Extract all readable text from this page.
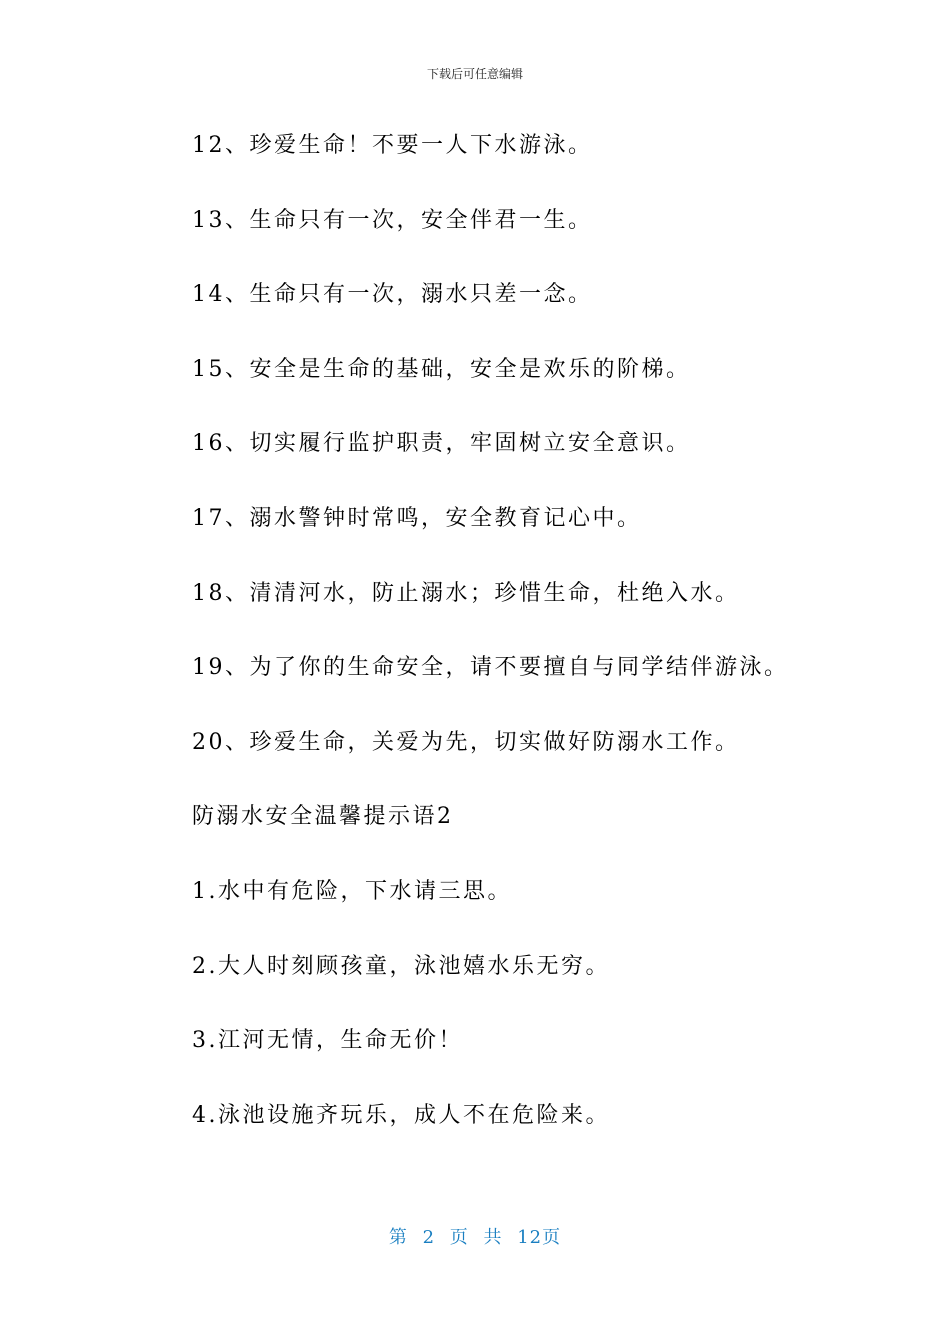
下载后可任意编辑
12、珍爱生命！不要一人下水游泳。
13、生命只有一次，安全伴君一生。
14、生命只有一次，溺水只差一念。
15、安全是生命的基础，安全是欢乐的阶梯。
16、切实履行监护职责，牢固树立安全意识。
17、溺水警钟时常鸣，安全教育记心中。
18、清清河水，防止溺水；珍惜生命，杜绝入水。
19、为了你的生命安全，请不要擅自与同学结伴游泳。
20、珍爱生命，关爱为先，切实做好防溺水工作。
防溺水安全温馨提示语2
1.水中有危险，下水请三思。
2.大人时刻顾孩童，泳池嬉水乐无穷。
3.江河无情，生命无价！
4.泳池设施齐玩乐，成人不在危险来。
第 2 页 共 12页
